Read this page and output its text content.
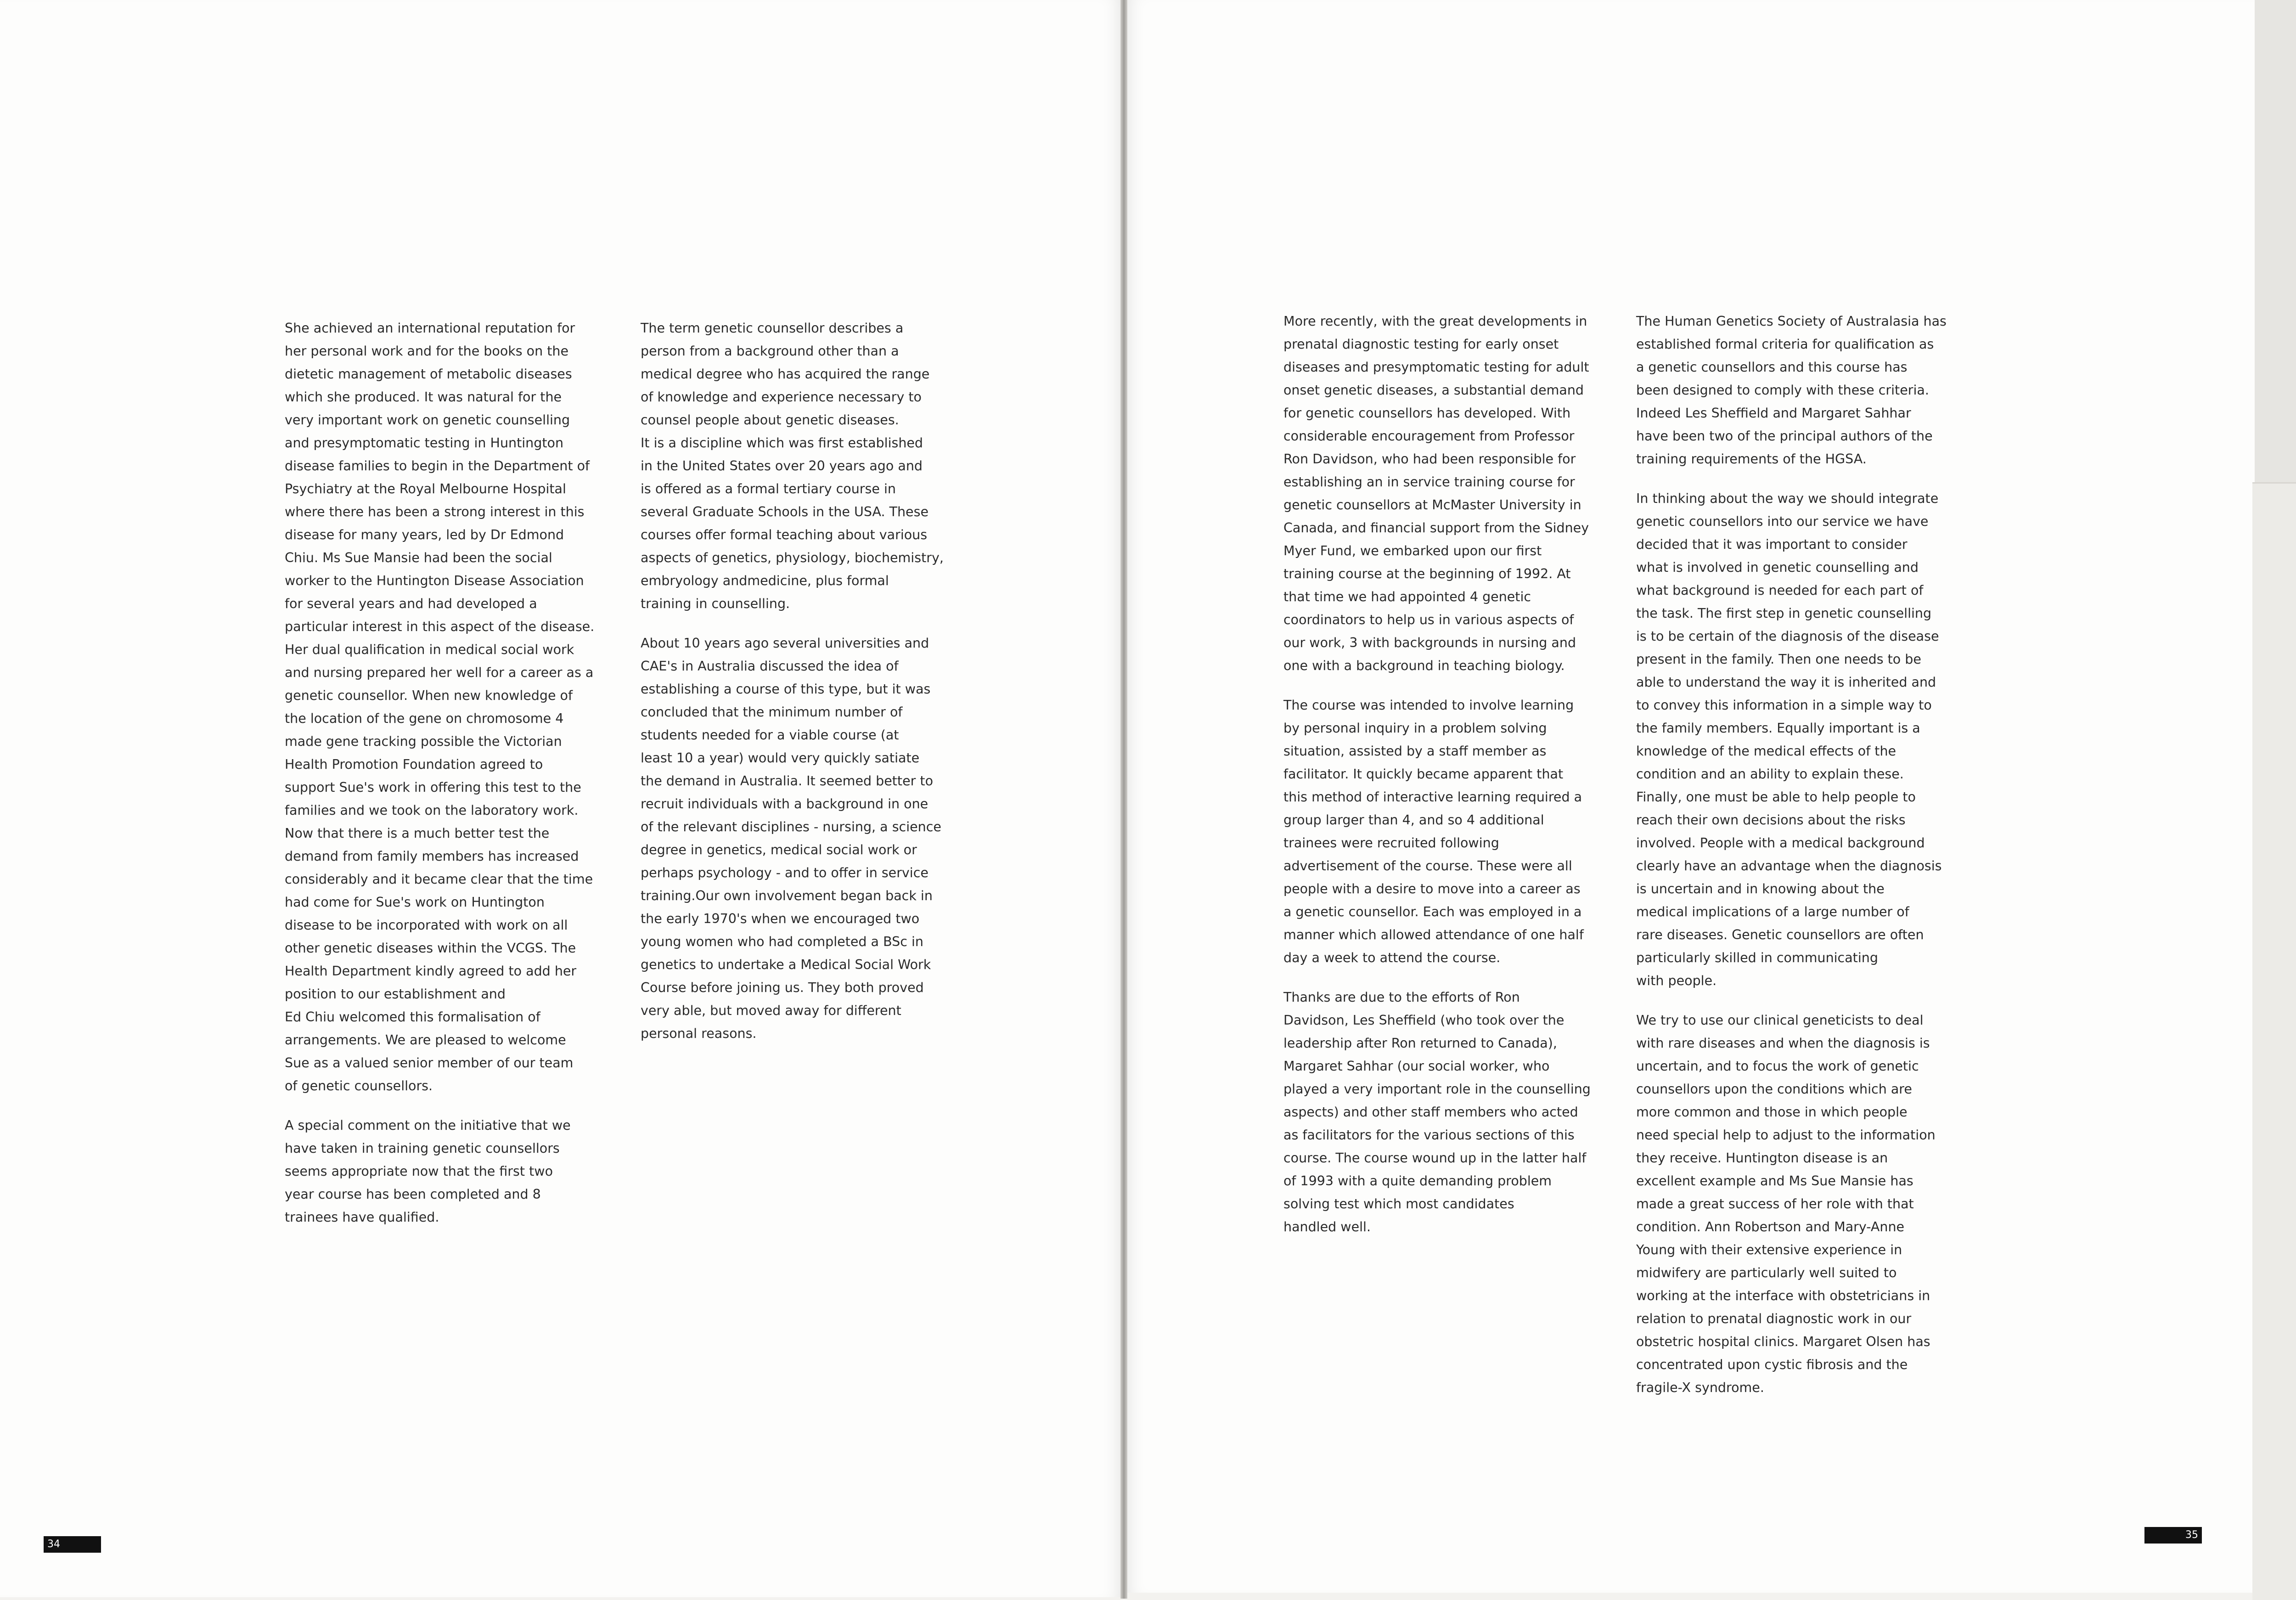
She achieved an international reputation for
her personal work and for the books on the
dietetic management of metabolic diseases
which she produced. It was natural for the
very important work on genetic counselling
and presymptomatic testing in Huntington
disease families to begin in the Department of
Psychiatry at the Royal Melbourne Hospital
where there has been a strong interest in this
disease for many years, led by Dr Edmond
Chiu. Ms Sue Mansie had been the social
worker to the Huntington Disease Association
for several years and had developed a
particular interest in this aspect of the disease.
Her dual qualification in medical social work
and nursing prepared her well for a career as a
genetic counsellor. When new knowledge of
the location of the gene on chromosome 4
made gene tracking possible the Victorian
Health Promotion Foundation agreed to
support Sue's work in offering this test to the
families and we took on the laboratory work.
Now that there is a much better test the
demand from family members has increased
considerably and it became clear that the time
had come for Sue's work on Huntington
disease to be incorporated with work on all
other genetic diseases within the VCGS. The
Health Department kindly agreed to add her
position to our establishment and
Ed Chiu welcomed this formalisation of
arrangements. We are pleased to welcome
Sue as a valued senior member of our team
of genetic counsellors.

A special comment on the initiative that we
have taken in training genetic counsellors
seems appropriate now that the first two
year course has been completed and 8
trainees have qualified.

The term genetic counsellor describes a
person from a background other than a
medical degree who has acquired the range
of knowledge and experience necessary to
counsel people about genetic diseases.
It is a discipline which was first established
in the United States over 20 years ago and
is offered as a formal tertiary course in
several Graduate Schools in the USA. These
courses offer formal teaching about various
aspects of genetics, physiology, biochemistry,
embryology andmedicine, plus formal
training in counselling.

About 10 years ago several universities and
CAE's in Australia discussed the idea of
establishing a course of this type, but it was
concluded that the minimum number of
students needed for a viable course (at
least 10 a year) would very quickly satiate
the demand in Australia. It seemed better to
recruit individuals with a background in one
of the relevant disciplines - nursing, a science
degree in genetics, medical social work or
perhaps psychology - and to offer in service
training.Our own involvement began back in
the early 1970's when we encouraged two
young women who had completed a BSc in
genetics to undertake a Medical Social Work
Course before joining us. They both proved
very able, but moved away for different
personal reasons.

34

More recently, with the great developments in
prenatal diagnostic testing for early onset
diseases and presymptomatic testing for adult
onset genetic diseases, a substantial demand
for genetic counsellors has developed. With
considerable encouragement from Professor
Ron Davidson, who had been responsible for
establishing an in service training course for
genetic counsellors at McMaster University in
Canada, and financial support from the Sidney
Myer Fund, we embarked upon our first
training course at the beginning of 1992. At
that time we had appointed 4 genetic
coordinators to help us in various aspects of
our work, 3 with backgrounds in nursing and
one with a background in teaching biology.

The course was intended to involve learning
by personal inquiry in a problem solving
situation, assisted by a staff member as
facilitator. It quickly became apparent that
this method of interactive learning required a
group larger than 4, and so 4 additional
trainees were recruited following
advertisement of the course. These were all
people with a desire to move into a career as
a genetic counsellor. Each was employed in a
manner which allowed attendance of one half
day a week to attend the course.

Thanks are due to the efforts of Ron
Davidson, Les Sheffield (who took over the
leadership after Ron returned to Canada),
Margaret Sahhar (our social worker, who
played a very important role in the counselling
aspects) and other staff members who acted
as facilitators for the various sections of this
course. The course wound up in the latter half
of 1993 with a quite demanding problem
solving test which most candidates
handled well.

The Human Genetics Society of Australasia has
established formal criteria for qualification as
a genetic counsellors and this course has
been designed to comply with these criteria.
Indeed Les Sheffield and Margaret Sahhar
have been two of the principal authors of the
training requirements of the HGSA.

In thinking about the way we should integrate
genetic counsellors into our service we have
decided that it was important to consider
what is involved in genetic counselling and
what background is needed for each part of
the task. The first step in genetic counselling
is to be certain of the diagnosis of the disease
present in the family. Then one needs to be
able to understand the way it is inherited and
to convey this information in a simple way to
the family members. Equally important is a
knowledge of the medical effects of the
condition and an ability to explain these.
Finally, one must be able to help people to
reach their own decisions about the risks
involved. People with a medical background
clearly have an advantage when the diagnosis
is uncertain and in knowing about the
medical implications of a large number of
rare diseases. Genetic counsellors are often
particularly skilled in communicating
with people.

We try to use our clinical geneticists to deal
with rare diseases and when the diagnosis is
uncertain, and to focus the work of genetic
counsellors upon the conditions which are
more common and those in which people
need special help to adjust to the information
they receive. Huntington disease is an
excellent example and Ms Sue Mansie has
made a great success of her role with that
condition. Ann Robertson and Mary-Anne
Young with their extensive experience in
midwifery are particularly well suited to
working at the interface with obstetricians in
relation to prenatal diagnostic work in our
obstetric hospital clinics. Margaret Olsen has
concentrated upon cystic fibrosis and the
fragile-X syndrome.

35
